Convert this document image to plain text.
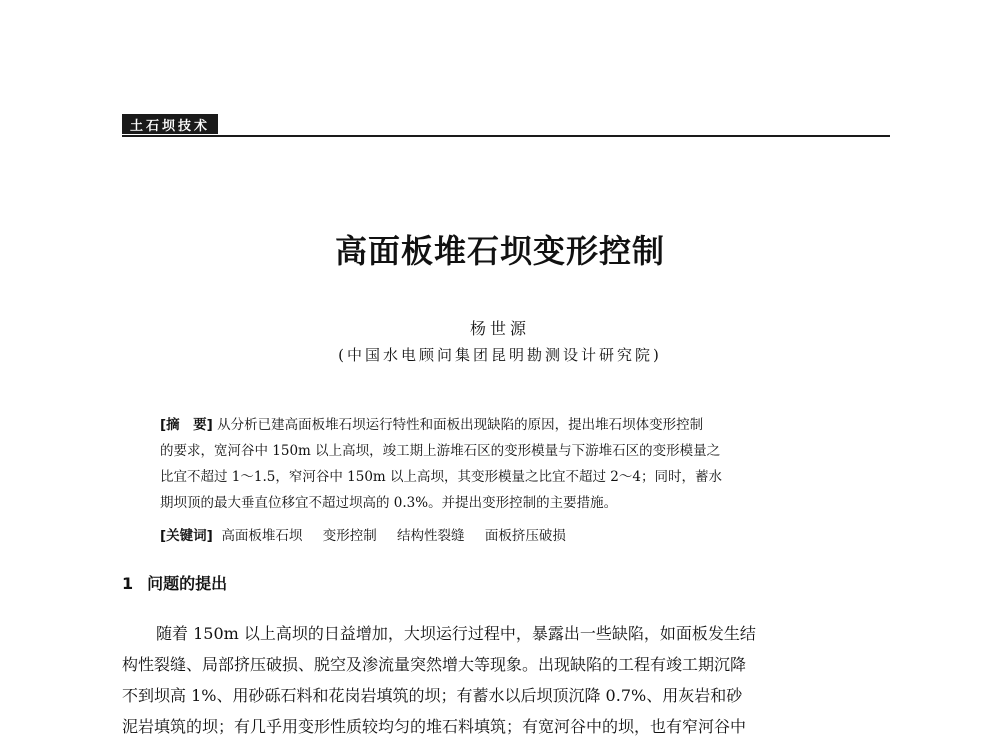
土石坝技术
高面板堆石坝变形控制
杨世源
(中国水电顾问集团昆明勘测设计研究院)
[摘　要] 从分析已建高面板堆石坝运行特性和面板出现缺陷的原因，提出堆石坝体变形控制
的要求，宽河谷中 150m 以上高坝，竣工期上游堆石区的变形模量与下游堆石区的变形模量之
比宜不超过 1～1.5，窄河谷中 150m 以上高坝，其变形模量之比宜不超过 2～4；同时，蓄水
期坝顶的最大垂直位移宜不超过坝高的 0.3%。并提出变形控制的主要措施。
[关键词] 高面板堆石坝 变形控制 结构性裂缝 面板挤压破损
1 问题的提出
随着 150m 以上高坝的日益增加，大坝运行过程中，暴露出一些缺陷，如面板发生结
构性裂缝、局部挤压破损、脱空及渗流量突然增大等现象。出现缺陷的工程有竣工期沉降
不到坝高 1%、用砂砾石料和花岗岩填筑的坝；有蓄水以后坝顶沉降 0.7%、用灰岩和砂
泥岩填筑的坝；有几乎用变形性质较均匀的堆石料填筑；有宽河谷中的坝，也有窄河谷中
